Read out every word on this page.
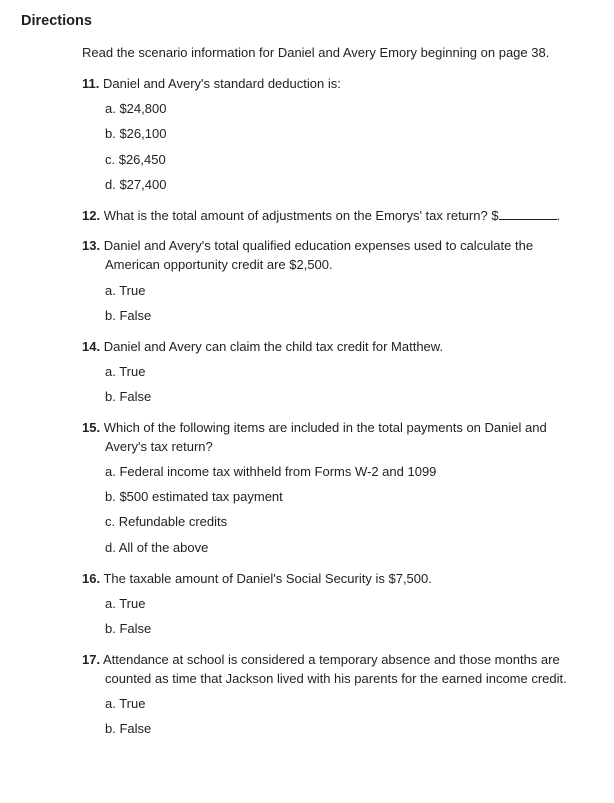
Directions
Read the scenario information for Daniel and Avery Emory beginning on page 38.
11. Daniel and Avery's standard deduction is:
a. $24,800
b. $26,100
c. $26,450
d. $27,400
12. What is the total amount of adjustments on the Emorys' tax return? $	.
13. Daniel and Avery's total qualified education expenses used to calculate the American opportunity credit are $2,500.
a. True
b. False
14. Daniel and Avery can claim the child tax credit for Matthew.
a. True
b. False
15. Which of the following items are included in the total payments on Daniel and Avery's tax return?
a. Federal income tax withheld from Forms W-2 and 1099
b. $500 estimated tax payment
c. Refundable credits
d. All of the above
16. The taxable amount of Daniel's Social Security is $7,500.
a. True
b. False
17. Attendance at school is considered a temporary absence and those months are counted as time that Jackson lived with his parents for the earned income credit.
a. True
b. False
